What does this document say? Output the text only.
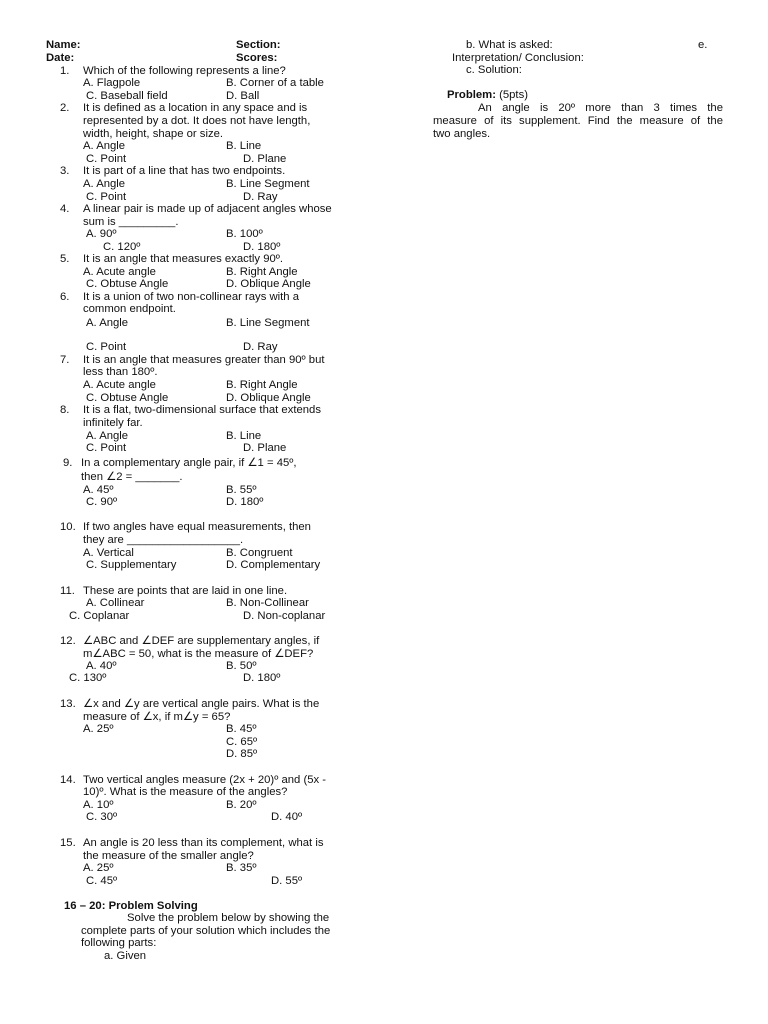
Name:	Section:
Date:	Scores:
1. Which of the following represents a line?
A. Flagpole	B. Corner of a table
C. Baseball field	D. Ball
2. It is defined as a location in any space and is
represented by a dot. It does not have length,
width, height, shape or size.
A. Angle	B. Line
C. Point	D. Plane
3. It is part of a line that has two endpoints.
A. Angle	B. Line Segment
C. Point	D. Ray
4. A linear pair is made up of adjacent angles whose
sum is _________.
A. 90º	B. 100º
C. 120º	D. 180º
5. It is an angle that measures exactly 90º.
A. Acute angle	B. Right Angle
C. Obtuse Angle	D. Oblique Angle
6. It is a union of two non-collinear rays with a
common endpoint.
A. Angle	B. Line Segment
C. Point	D. Ray
7. It is an angle that measures greater than 90º but
less than 180º.
A. Acute angle	B. Right Angle
C. Obtuse Angle	D. Oblique Angle
8. It is a flat, two-dimensional surface that extends
infinitely far.
A. Angle	B. Line
C. Point	D. Plane
9. In a complementary angle pair, if ∠1 = 45º,
then ∠2 = _______.
A. 45º	B. 55º
C. 90º	D. 180º
10. If two angles have equal measurements, then
they are __________________.
A. Vertical	B. Congruent
C. Supplementary	D. Complementary
11. These are points that are laid in one line.
A. Collinear	B. Non-Collinear
C. Coplanar	D. Non-coplanar
12. ∠ABC and ∠DEF are supplementary angles, if
m∠ABC = 50, what is the measure of ∠DEF?
A. 40º	B. 50º
C. 130º	D. 180º
13. ∠x and ∠y are vertical angle pairs. What is the
measure of ∠x, if m∠y = 65?
A. 25º	B. 45º
C. 65º
D. 85º
14. Two vertical angles measure (2x + 20)º and (5x -
10)º. What is the measure of the angles?
A. 10º	B. 20º
C. 30º	D. 40º
15. An angle is 20 less than its complement, what is
the measure of the smaller angle?
A. 25º	B. 35º
C. 45º	D. 55º
16 – 20: Problem Solving
Solve the problem below by showing the
complete parts of your solution which includes the
following parts:
a. Given
b. What is asked:	e.
Interpretation/ Conclusion:
c. Solution:
Problem: (5pts)
An angle is 20º more than 3 times the
measure of its supplement. Find the measure of the
two angles.
